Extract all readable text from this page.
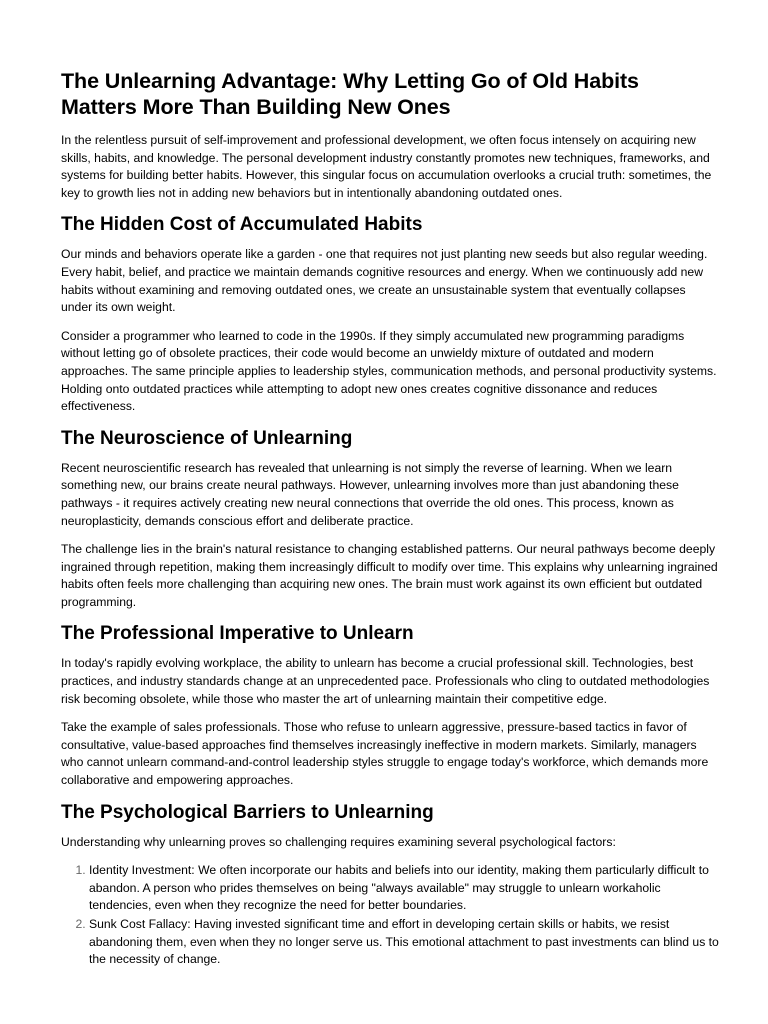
The Unlearning Advantage: Why Letting Go of Old Habits Matters More Than Building New Ones

In the relentless pursuit of self-improvement and professional development, we often focus intensely on acquiring new skills, habits, and knowledge. The personal development industry constantly promotes new techniques, frameworks, and systems for building better habits. However, this singular focus on accumulation overlooks a crucial truth: sometimes, the key to growth lies not in adding new behaviors but in intentionally abandoning outdated ones.

The Hidden Cost of Accumulated Habits

Our minds and behaviors operate like a garden - one that requires not just planting new seeds but also regular weeding. Every habit, belief, and practice we maintain demands cognitive resources and energy. When we continuously add new habits without examining and removing outdated ones, we create an unsustainable system that eventually collapses under its own weight.

Consider a programmer who learned to code in the 1990s. If they simply accumulated new programming paradigms without letting go of obsolete practices, their code would become an unwieldy mixture of outdated and modern approaches. The same principle applies to leadership styles, communication methods, and personal productivity systems. Holding onto outdated practices while attempting to adopt new ones creates cognitive dissonance and reduces effectiveness.

The Neuroscience of Unlearning

Recent neuroscientific research has revealed that unlearning is not simply the reverse of learning. When we learn something new, our brains create neural pathways. However, unlearning involves more than just abandoning these pathways - it requires actively creating new neural connections that override the old ones. This process, known as neuroplasticity, demands conscious effort and deliberate practice.

The challenge lies in the brain's natural resistance to changing established patterns. Our neural pathways become deeply ingrained through repetition, making them increasingly difficult to modify over time. This explains why unlearning ingrained habits often feels more challenging than acquiring new ones. The brain must work against its own efficient but outdated programming.

The Professional Imperative to Unlearn

In today's rapidly evolving workplace, the ability to unlearn has become a crucial professional skill. Technologies, best practices, and industry standards change at an unprecedented pace. Professionals who cling to outdated methodologies risk becoming obsolete, while those who master the art of unlearning maintain their competitive edge.

Take the example of sales professionals. Those who refuse to unlearn aggressive, pressure-based tactics in favor of consultative, value-based approaches find themselves increasingly ineffective in modern markets. Similarly, managers who cannot unlearn command-and-control leadership styles struggle to engage today's workforce, which demands more collaborative and empowering approaches.

The Psychological Barriers to Unlearning

Understanding why unlearning proves so challenging requires examining several psychological factors:

1. Identity Investment: We often incorporate our habits and beliefs into our identity, making them particularly difficult to abandon. A person who prides themselves on being "always available" may struggle to unlearn workaholic tendencies, even when they recognize the need for better boundaries.
2. Sunk Cost Fallacy: Having invested significant time and effort in developing certain skills or habits, we resist abandoning them, even when they no longer serve us. This emotional attachment to past investments can blind us to the necessity of change.
